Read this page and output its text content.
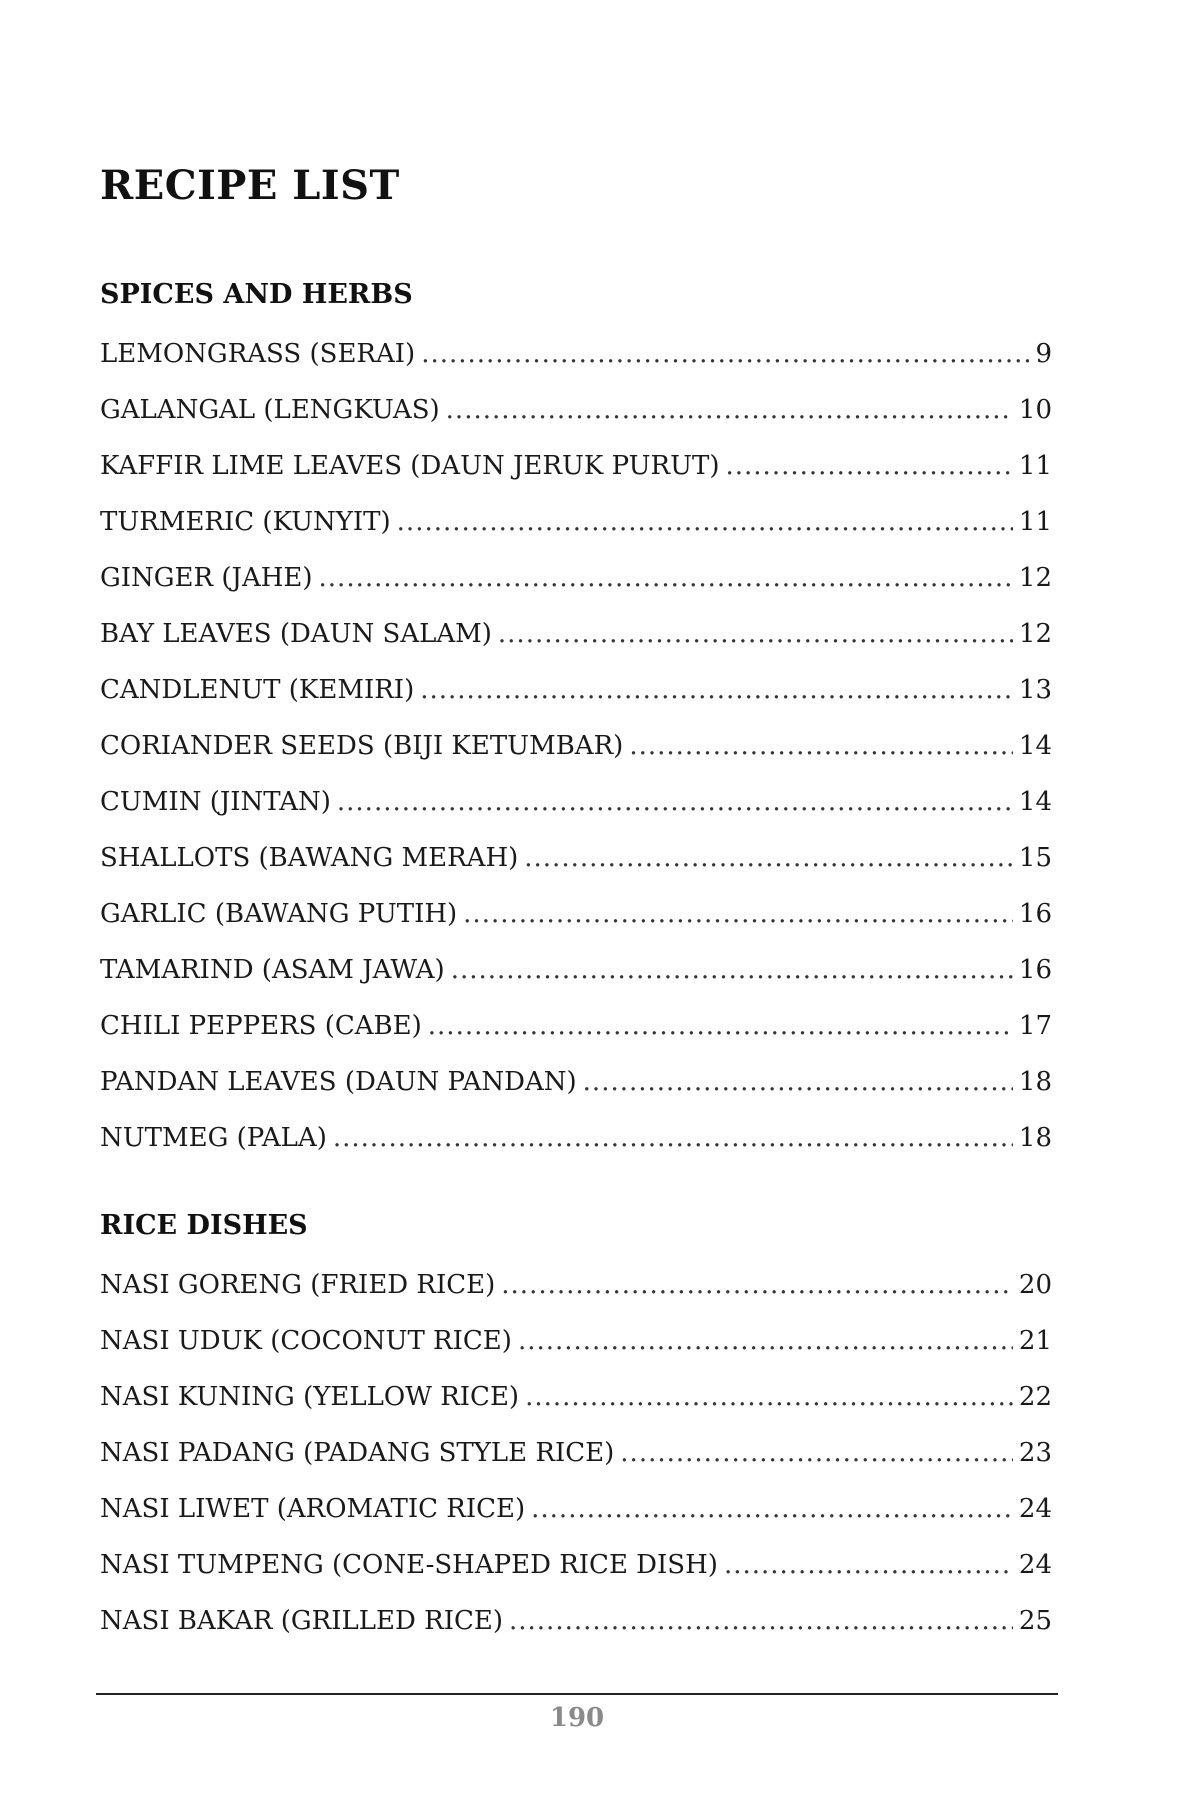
RECIPE LIST
SPICES AND HERBS
LEMONGRASS (SERAI) .....	9
GALANGAL (LENGKUAS) .....	10
KAFFIR LIME LEAVES (DAUN JERUK PURUT) .....	11
TURMERIC (KUNYIT) .....	11
GINGER (JAHE) .....	12
BAY LEAVES (DAUN SALAM) .....	12
CANDLENUT (KEMIRI) .....	13
CORIANDER SEEDS (BIJI KETUMBAR) .....	14
CUMIN (JINTAN) .....	14
SHALLOTS (BAWANG MERAH) .....	15
GARLIC (BAWANG PUTIH) .....	16
TAMARIND (ASAM JAWA) .....	16
CHILI PEPPERS (CABE) .....	17
PANDAN LEAVES (DAUN PANDAN) .....	18
NUTMEG (PALA) .....	18
RICE DISHES
NASI GORENG (FRIED RICE) .....	20
NASI UDUK (COCONUT RICE) .....	21
NASI KUNING (YELLOW RICE) .....	22
NASI PADANG (PADANG STYLE RICE) .....	23
NASI LIWET (AROMATIC RICE) .....	24
NASI TUMPENG (CONE-SHAPED RICE DISH) .....	24
NASI BAKAR (GRILLED RICE) .....	25
190
